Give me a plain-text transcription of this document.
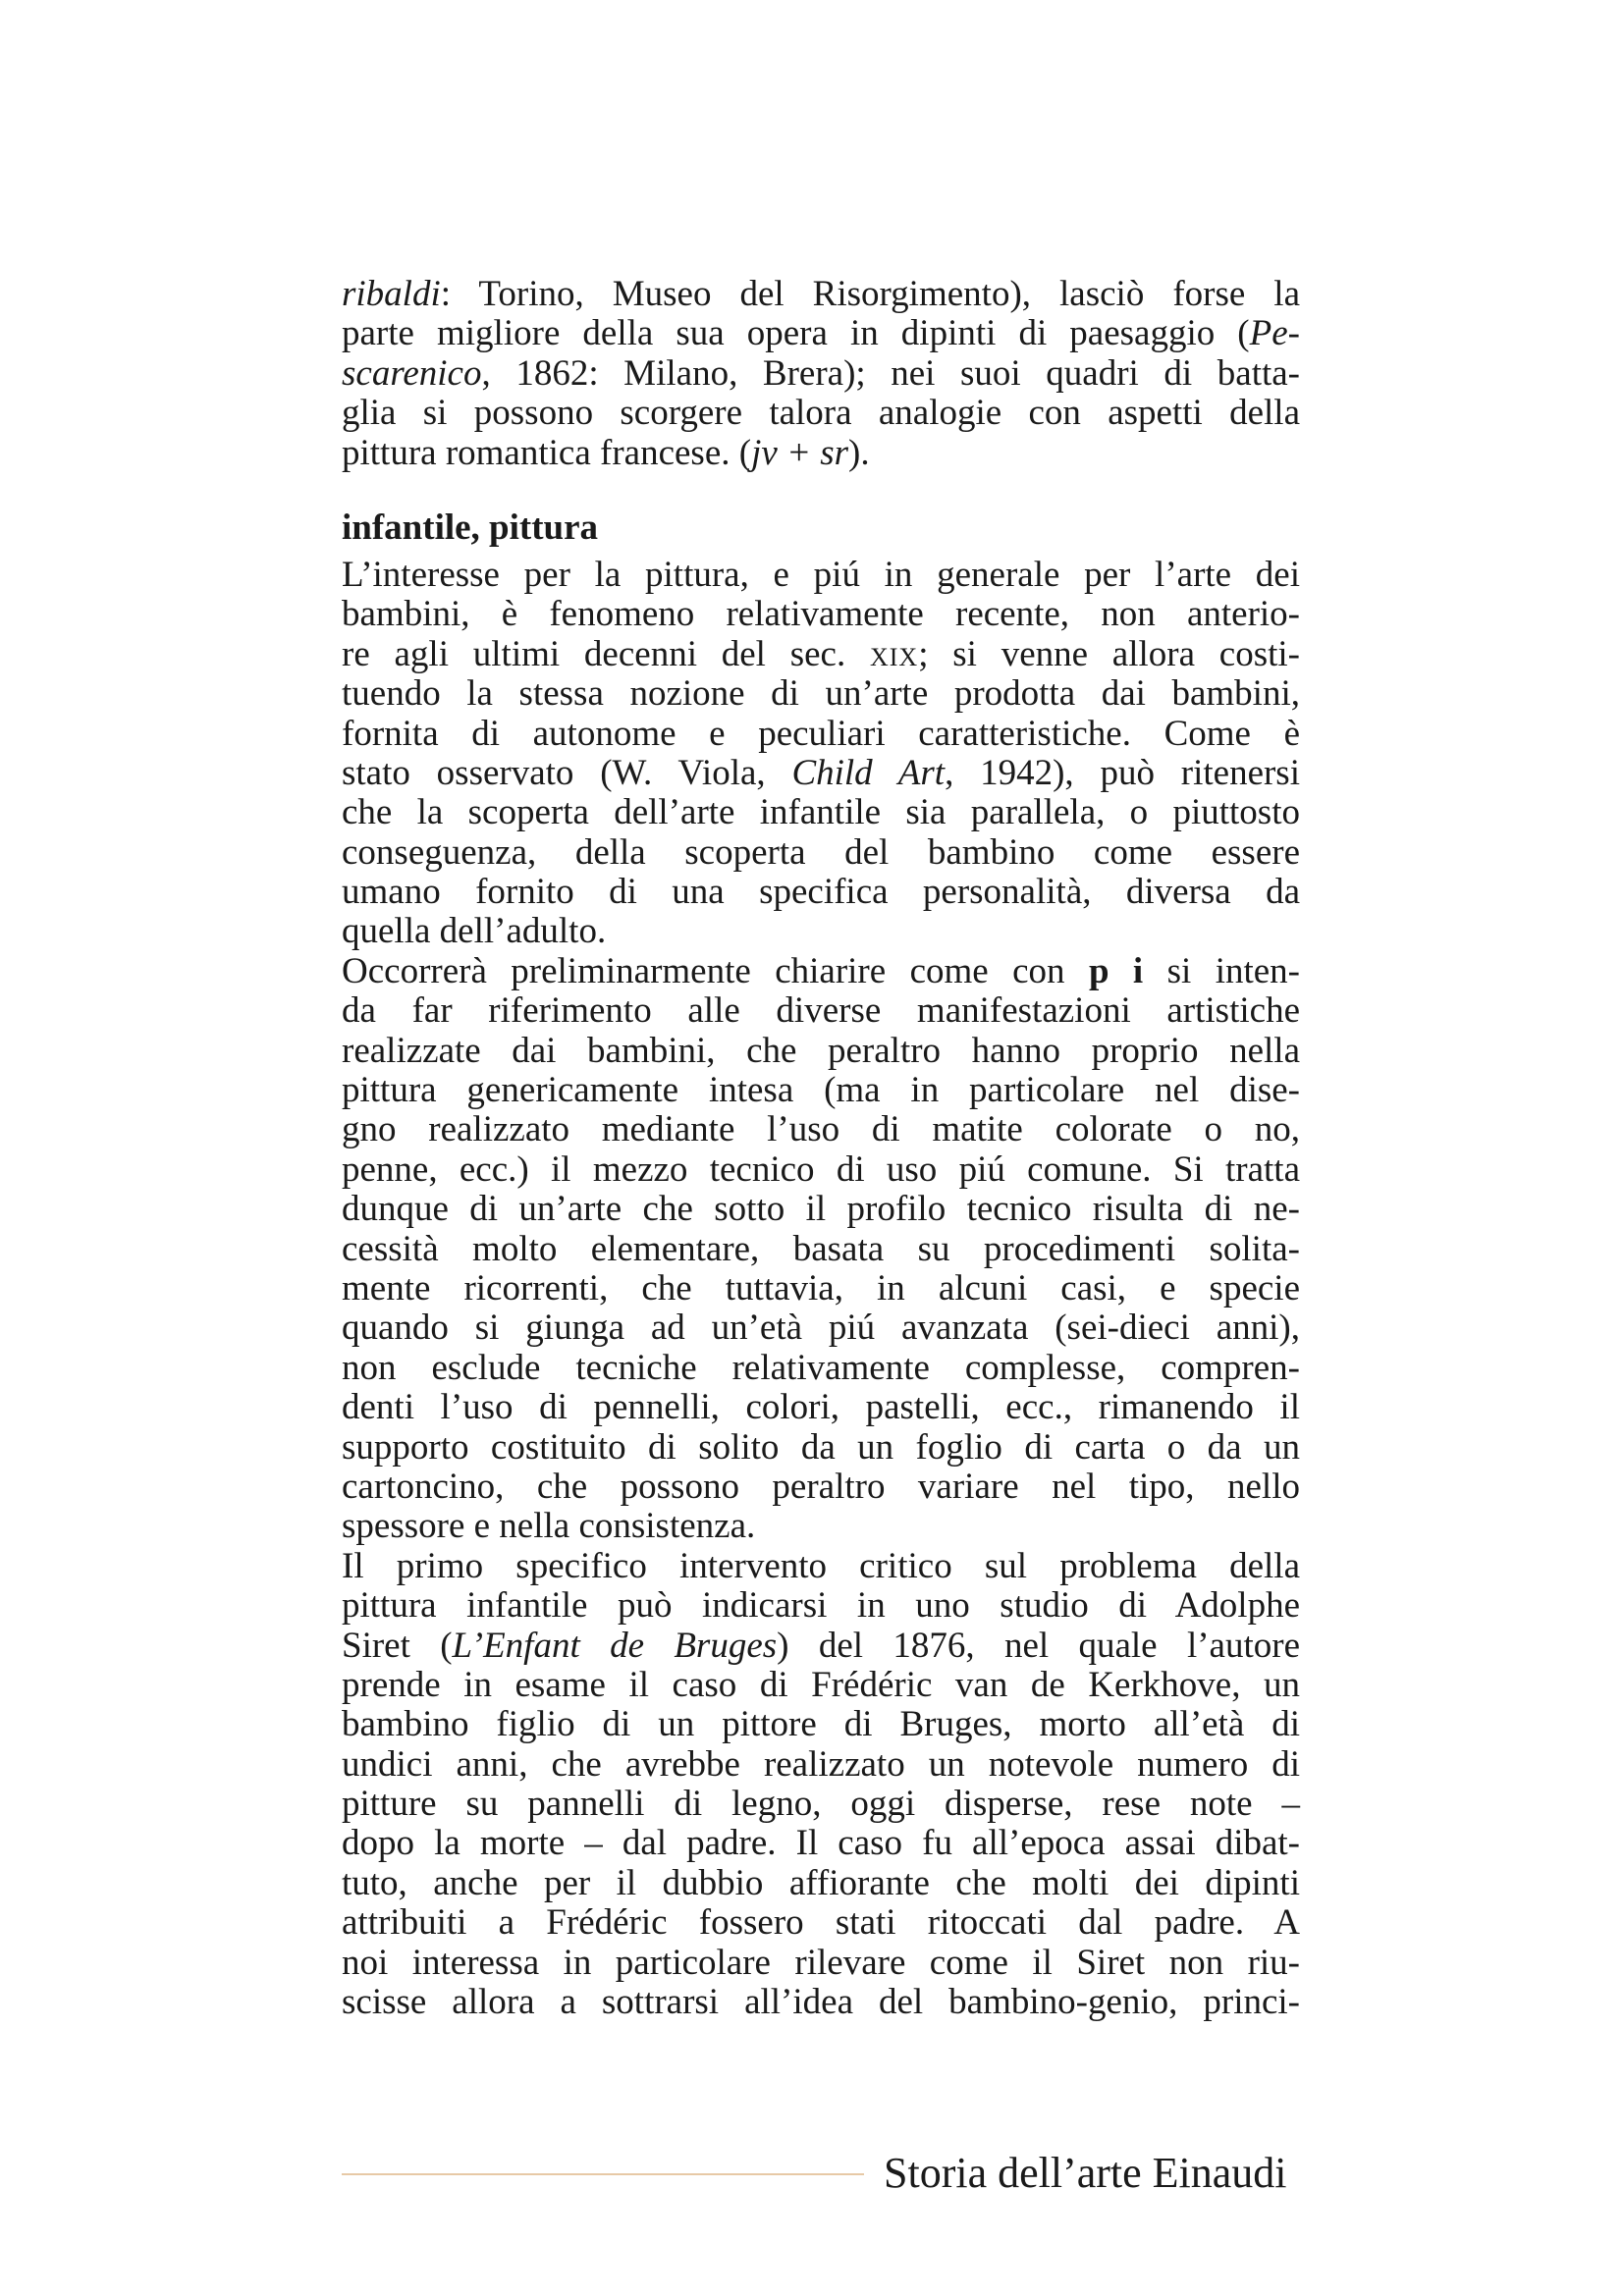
ribaldi: Torino, Museo del Risorgimento), lasciò forse la
parte migliore della sua opera in dipinti di paesaggio (Pe-
scarenico, 1862: Milano, Brera); nei suoi quadri di batta-
glia si possono scorgere talora analogie con aspetti della
pittura romantica francese. (jv + sr).
infantile, pittura
L’interesse per la pittura, e piú in generale per l’arte dei
bambini, è fenomeno relativamente recente, non anterio-
re agli ultimi decenni del sec. xix; si venne allora costi-
tuendo la stessa nozione di un’arte prodotta dai bambini,
fornita di autonome e peculiari caratteristiche. Come è
stato osservato (W. Viola, Child Art, 1942), può ritenersi
che la scoperta dell’arte infantile sia parallela, o piuttosto
conseguenza, della scoperta del bambino come essere
umano fornito di una specifica personalità, diversa da
quella dell’adulto.
Occorrerà preliminarmente chiarire come con p i si inten-
da far riferimento alle diverse manifestazioni artistiche
realizzate dai bambini, che peraltro hanno proprio nella
pittura genericamente intesa (ma in particolare nel dise-
gno realizzato mediante l’uso di matite colorate o no,
penne, ecc.) il mezzo tecnico di uso piú comune. Si tratta
dunque di un’arte che sotto il profilo tecnico risulta di ne-
cessità molto elementare, basata su procedimenti solita-
mente ricorrenti, che tuttavia, in alcuni casi, e specie
quando si giunga ad un’età piú avanzata (sei-dieci anni),
non esclude tecniche relativamente complesse, compren-
denti l’uso di pennelli, colori, pastelli, ecc., rimanendo il
supporto costituito di solito da un foglio di carta o da un
cartoncino, che possono peraltro variare nel tipo, nello
spessore e nella consistenza.
Il primo specifico intervento critico sul problema della
pittura infantile può indicarsi in uno studio di Adolphe
Siret (L’Enfant de Bruges) del 1876, nel quale l’autore
prende in esame il caso di Frédéric van de Kerkhove, un
bambino figlio di un pittore di Bruges, morto all’età di
undici anni, che avrebbe realizzato un notevole numero di
pitture su pannelli di legno, oggi disperse, rese note –
dopo la morte – dal padre. Il caso fu all’epoca assai dibat-
tuto, anche per il dubbio affiorante che molti dei dipinti
attribuiti a Frédéric fossero stati ritoccati dal padre. A
noi interessa in particolare rilevare come il Siret non riu-
scisse allora a sottrarsi all’idea del bambino-genio, princi-
Storia dell’arte Einaudi
